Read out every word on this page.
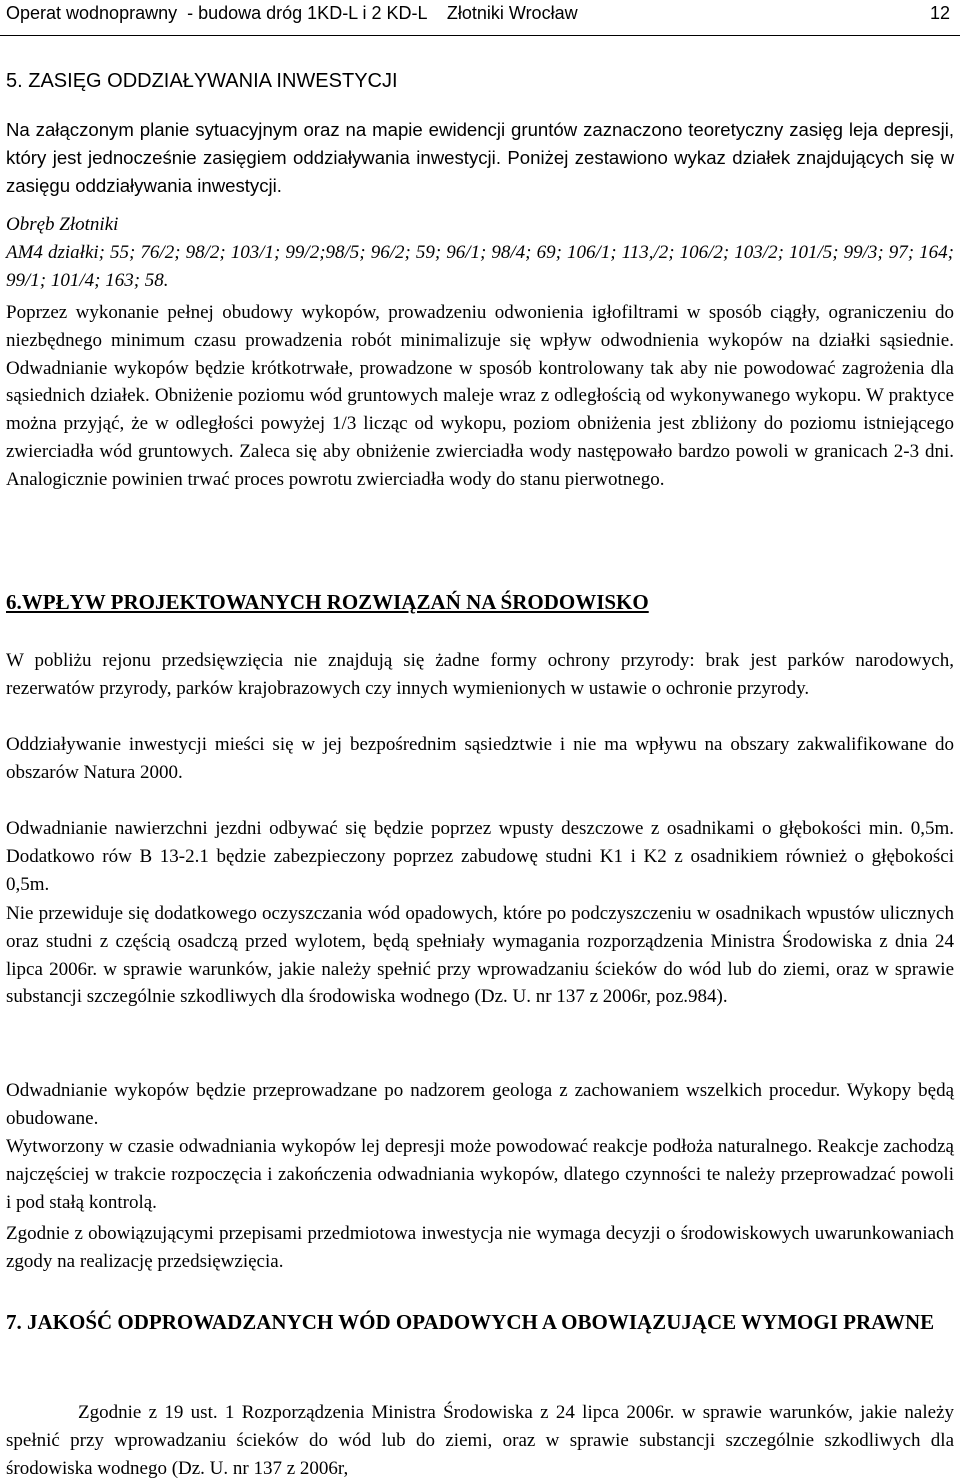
Operat wodnoprawny  - budowa dróg 1KD-L i 2 KD-L    Złotniki Wrocław	12
5. ZASIĘG ODDZIAŁYWANIA INWESTYCJI
Na załączonym planie sytuacyjnym oraz na mapie ewidencji gruntów zaznaczono teoretyczny zasięg leja depresji, który jest jednocześnie zasięgiem oddziaływania inwestycji. Poniżej zestawiono wykaz działek znajdujących się w zasięgu oddziaływania inwestycji.
Obręb Złotniki
AM4 działki; 55; 76/2; 98/2; 103/1; 99/2;98/5; 96/2; 59; 96/1; 98/4; 69; 106/1; 113,/2; 106/2; 103/2; 101/5; 99/3; 97; 164; 99/1; 101/4; 163; 58.
Poprzez wykonanie pełnej obudowy wykopów, prowadzeniu odwonienia igłofiltrami w sposób ciągły, ograniczeniu do niezbędnego minimum czasu prowadzenia robót minimalizuje się wpływ odwodnienia wykopów na działki sąsiednie. Odwadnianie wykopów będzie krótkotrwałe, prowadzone w sposób kontrolowany tak aby nie powodować zagrożenia dla sąsiednich działek. Obniżenie poziomu wód gruntowych maleje wraz z odległością od wykonywanego wykopu. W praktyce można przyjąć, że w odległości powyżej 1/3 licząc od wykopu, poziom obniżenia jest zbliżony do poziomu istniejącego zwierciadła wód gruntowych. Zaleca się aby obniżenie zwierciadła wody następowało bardzo powoli w granicach 2-3 dni. Analogicznie powinien trwać proces powrotu zwierciadła wody do stanu pierwotnego.
6.WPŁYW PROJEKTOWANYCH ROZWIĄZAŃ NA ŚRODOWISKO
W pobliżu rejonu przedsięwzięcia nie znajdują się żadne formy ochrony przyrody: brak jest parków narodowych, rezerwatów przyrody, parków krajobrazowych czy innych wymienionych w ustawie o ochronie przyrody.
Oddziaływanie inwestycji mieści się w jej bezpośrednim sąsiedztwie i nie ma wpływu na obszary zakwalifikowane do obszarów Natura 2000.
Odwadnianie nawierzchni jezdni odbywać się będzie poprzez wpusty deszczowe z osadnikami o głębokości min. 0,5m. Dodatkowo rów B 13-2.1 będzie zabezpieczony poprzez zabudowę studni K1 i K2 z osadnikiem również o głębokości 0,5m.
Nie przewiduje się dodatkowego oczyszczania wód opadowych, które po podczyszczeniu w osadnikach wpustów ulicznych oraz studni z częścią osadczą przed wylotem, będą spełniały wymagania rozporządzenia Ministra Środowiska z dnia 24 lipca 2006r. w sprawie warunków, jakie należy spełnić przy wprowadzaniu ścieków do wód lub do ziemi, oraz w sprawie substancji szczególnie szkodliwych dla środowiska wodnego (Dz. U. nr 137 z 2006r, poz.984).
Odwadnianie wykopów będzie przeprowadzane po nadzorem geologa z zachowaniem wszelkich procedur. Wykopy będą obudowane.
Wytworzony w czasie odwadniania wykopów lej depresji może powodować reakcje podłoża naturalnego. Reakcje zachodzą najczęściej w trakcie rozpoczęcia i zakończenia odwadniania wykopów, dlatego czynności te należy przeprowadzać powoli i pod stałą kontrolą.
Zgodnie z obowiązującymi przepisami przedmiotowa inwestycja nie wymaga decyzji o środowiskowych uwarunkowaniach zgody na realizację przedsięwzięcia.
7. JAKOŚĆ ODPROWADZANYCH WÓD OPADOWYCH A OBOWIĄZUJĄCE WYMOGI PRAWNE
Zgodnie z 19 ust. 1 Rozporządzenia Ministra Środowiska z 24 lipca 2006r. w sprawie warunków, jakie należy spełnić przy wprowadzaniu ścieków do wód lub do ziemi, oraz w sprawie substancji szczególnie szkodliwych dla środowiska wodnego (Dz. U. nr 137 z 2006r,
